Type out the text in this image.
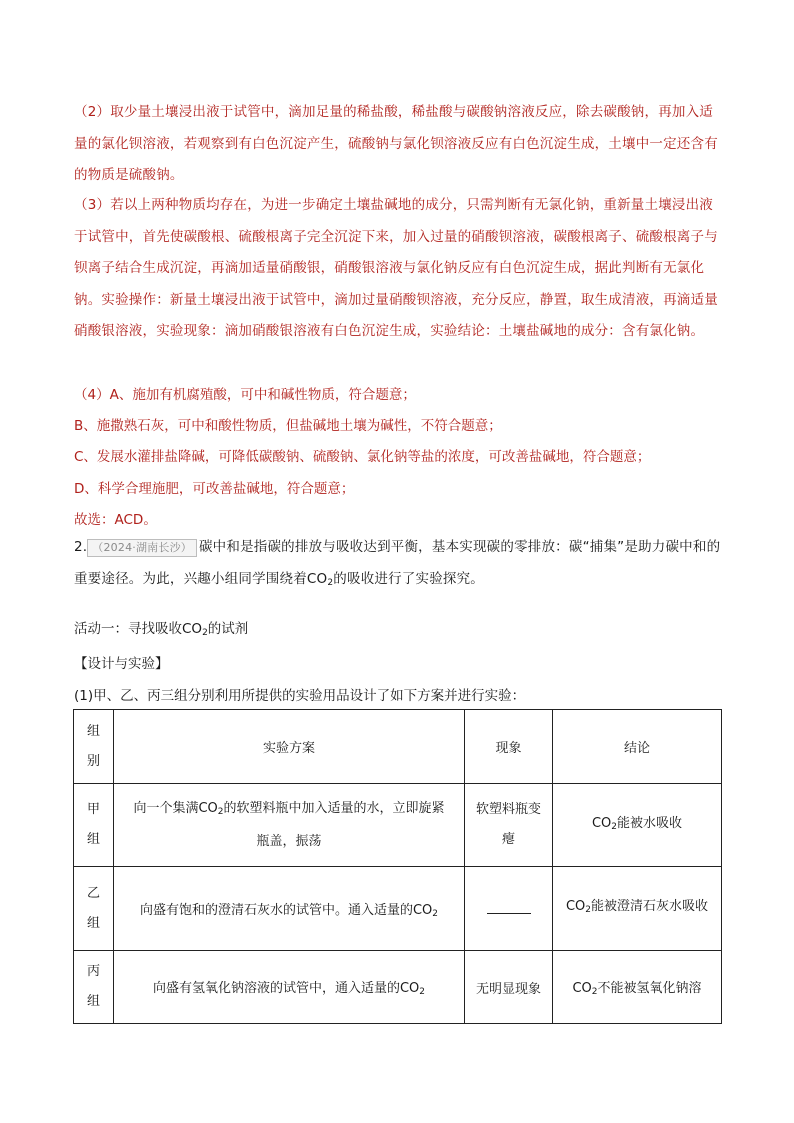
（2）取少量土壤浸出液于试管中，滴加足量的稀盐酸，稀盐酸与碳酸钠溶液反应，除去碳酸钠，再加入适量的氯化钡溶液，若观察到有白色沉淀产生，硫酸钠与氯化钡溶液反应有白色沉淀生成，土壤中一定还含有的物质是硫酸钠。
（3）若以上两种物质均存在，为进一步确定土壤盐碱地的成分，只需判断有无氯化钠，重新量土壤浸出液于试管中，首先使碳酸根、硫酸根离子完全沉淀下来，加入过量的硝酸钡溶液，碳酸根离子、硫酸根离子与钡离子结合生成沉淀，再滴加适量硝酸银，硝酸银溶液与氯化钠反应有白色沉淀生成，据此判断有无氯化钠。实验操作：新量土壤浸出液于试管中，滴加过量硝酸钡溶液，充分反应，静置，取生成清液，再滴适量硝酸银溶液，实验现象：滴加硝酸银溶液有白色沉淀生成，实验结论：土壤盐碱地的成分：含有氯化钠。
（4）A、施加有机腐殖酸，可中和碱性物质，符合题意；
B、施撒熟石灰，可中和酸性物质，但盐碱地土壤为碱性，不符合题意；
C、发展水灌排盐降碱，可降低碳酸钠、硫酸钠、氯化钠等盐的浓度，可改善盐碱地，符合题意；
D、科学合理施肥，可改善盐碱地，符合题意；
故选：ACD。
2. （2024·湖南长沙） 碳中和是指碳的排放与吸收达到平衡，基本实现碳的零排放：碳“捕集”是助力碳中和的重要途径。为此，兴趣小组同学围绕着$CO_2$的吸收进行了实验探究。
活动一：寻找吸收$CO_2$的试剂
【设计与实验】
(1)甲、乙、丙三组分别利用所提供的实验用品设计了如下方案并进行实验：
组别	实验方案	现象	结论
甲组	向一个集满$CO_2$的软塑料瓶中加入适量的水，立即旋紧瓶盖，振荡	软塑料瓶变瘪	$CO_2$能被水吸收
乙组	向盛有饱和的澄清石灰水的试管中。通入适量的$CO_2$		$CO_2$能被澄清石灰水吸收
丙组	向盛有氢氧化钠溶液的试管中，通入适量的$CO_2$	无明显现象	$CO_2$不能被氢氧化钠溶
